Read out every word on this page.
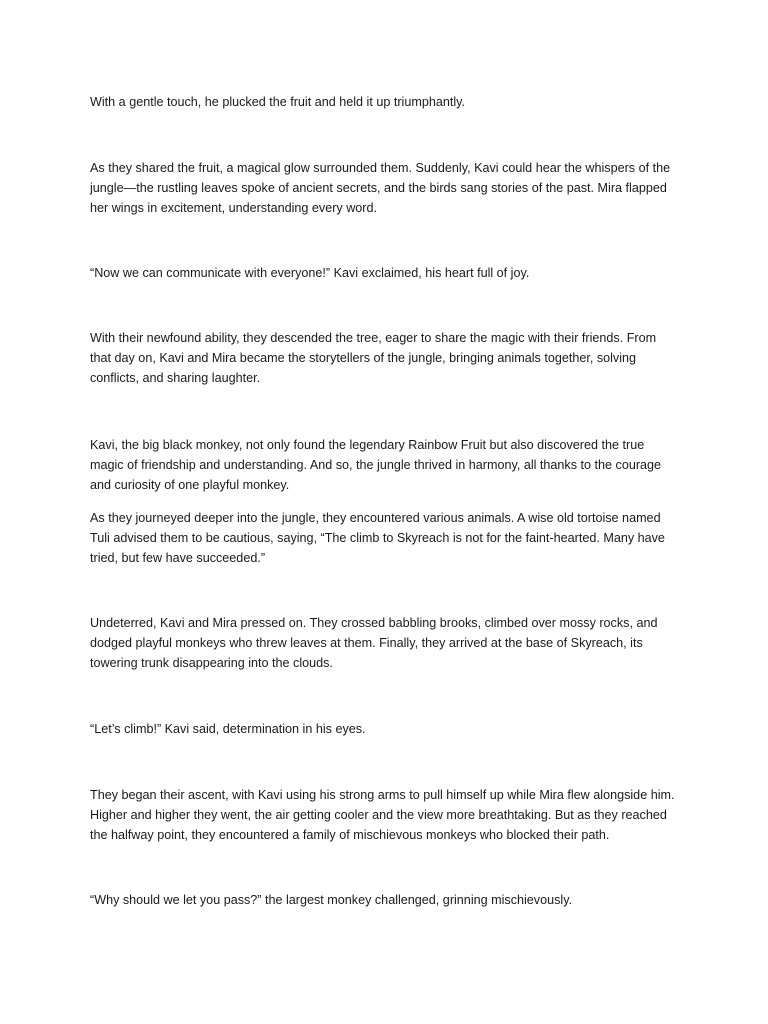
With a gentle touch, he plucked the fruit and held it up triumphantly.

As they shared the fruit, a magical glow surrounded them. Suddenly, Kavi could hear the whispers of the jungle—the rustling leaves spoke of ancient secrets, and the birds sang stories of the past. Mira flapped her wings in excitement, understanding every word.

“Now we can communicate with everyone!” Kavi exclaimed, his heart full of joy.

With their newfound ability, they descended the tree, eager to share the magic with their friends. From that day on, Kavi and Mira became the storytellers of the jungle, bringing animals together, solving conflicts, and sharing laughter.

Kavi, the big black monkey, not only found the legendary Rainbow Fruit but also discovered the true magic of friendship and understanding. And so, the jungle thrived in harmony, all thanks to the courage and curiosity of one playful monkey.

As they journeyed deeper into the jungle, they encountered various animals. A wise old tortoise named Tuli advised them to be cautious, saying, “The climb to Skyreach is not for the faint-hearted. Many have tried, but few have succeeded.”

Undeterred, Kavi and Mira pressed on. They crossed babbling brooks, climbed over mossy rocks, and dodged playful monkeys who threw leaves at them. Finally, they arrived at the base of Skyreach, its towering trunk disappearing into the clouds.

“Let’s climb!” Kavi said, determination in his eyes.

They began their ascent, with Kavi using his strong arms to pull himself up while Mira flew alongside him. Higher and higher they went, the air getting cooler and the view more breathtaking. But as they reached the halfway point, they encountered a family of mischievous monkeys who blocked their path.

“Why should we let you pass?” the largest monkey challenged, grinning mischievously.
